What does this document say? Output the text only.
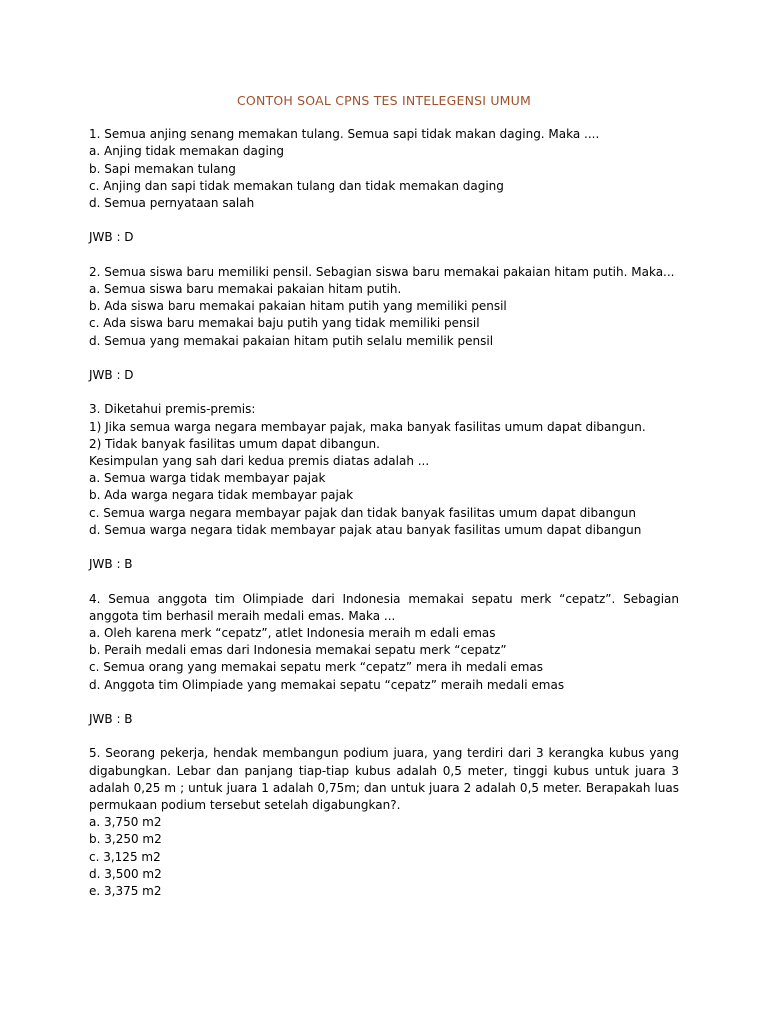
CONTOH SOAL CPNS TES INTELEGENSI UMUM

1. Semua anjing senang memakan tulang. Semua sapi tidak makan daging. Maka ....

a. Anjing tidak memakan daging

b. Sapi memakan tulang

c. Anjing dan sapi tidak memakan tulang dan tidak memakan daging

d. Semua pernyataan salah

JWB : D

2. Semua siswa baru memiliki pensil. Sebagian siswa baru memakai pakaian hitam putih. Maka...

a. Semua siswa baru memakai pakaian hitam putih.

b. Ada siswa baru memakai pakaian hitam putih yang memiliki pensil

c. Ada siswa baru memakai baju putih yang tidak memiliki pensil

d. Semua yang memakai pakaian hitam putih selalu memilik pensil

JWB : D

3. Diketahui premis-premis:

1) Jika semua warga negara membayar pajak, maka banyak fasilitas umum dapat dibangun.

2) Tidak banyak fasilitas umum dapat dibangun.

Kesimpulan yang sah dari kedua premis diatas adalah ...

a. Semua warga tidak membayar pajak

b. Ada warga negara tidak membayar pajak

c. Semua warga negara membayar pajak dan tidak banyak fasilitas umum dapat dibangun

d. Semua warga negara tidak membayar pajak atau banyak fasilitas umum dapat dibangun

JWB : B

4. Semua anggota tim Olimpiade dari Indonesia memakai sepatu merk “cepatz”. Sebagian anggota tim berhasil meraih medali emas. Maka ...

a. Oleh karena merk “cepatz”, atlet Indonesia meraih m edali emas

b. Peraih medali emas dari Indonesia memakai sepatu merk “cepatz”

c. Semua orang yang memakai sepatu merk “cepatz” mera ih medali emas

d. Anggota tim Olimpiade yang memakai sepatu “cepatz” meraih medali emas

JWB : B

5. Seorang pekerja, hendak membangun podium juara, yang terdiri dari 3 kerangka kubus yang digabungkan. Lebar dan panjang tiap-tiap kubus adalah 0,5 meter, tinggi kubus untuk juara 3 adalah 0,25 m ; untuk juara 1 adalah 0,75m; dan untuk juara 2 adalah 0,5 meter. Berapakah luas permukaan podium tersebut setelah digabungkan?.

a. 3,750 m2

b. 3,250 m2

c. 3,125 m2

d. 3,500 m2

e. 3,375 m2
